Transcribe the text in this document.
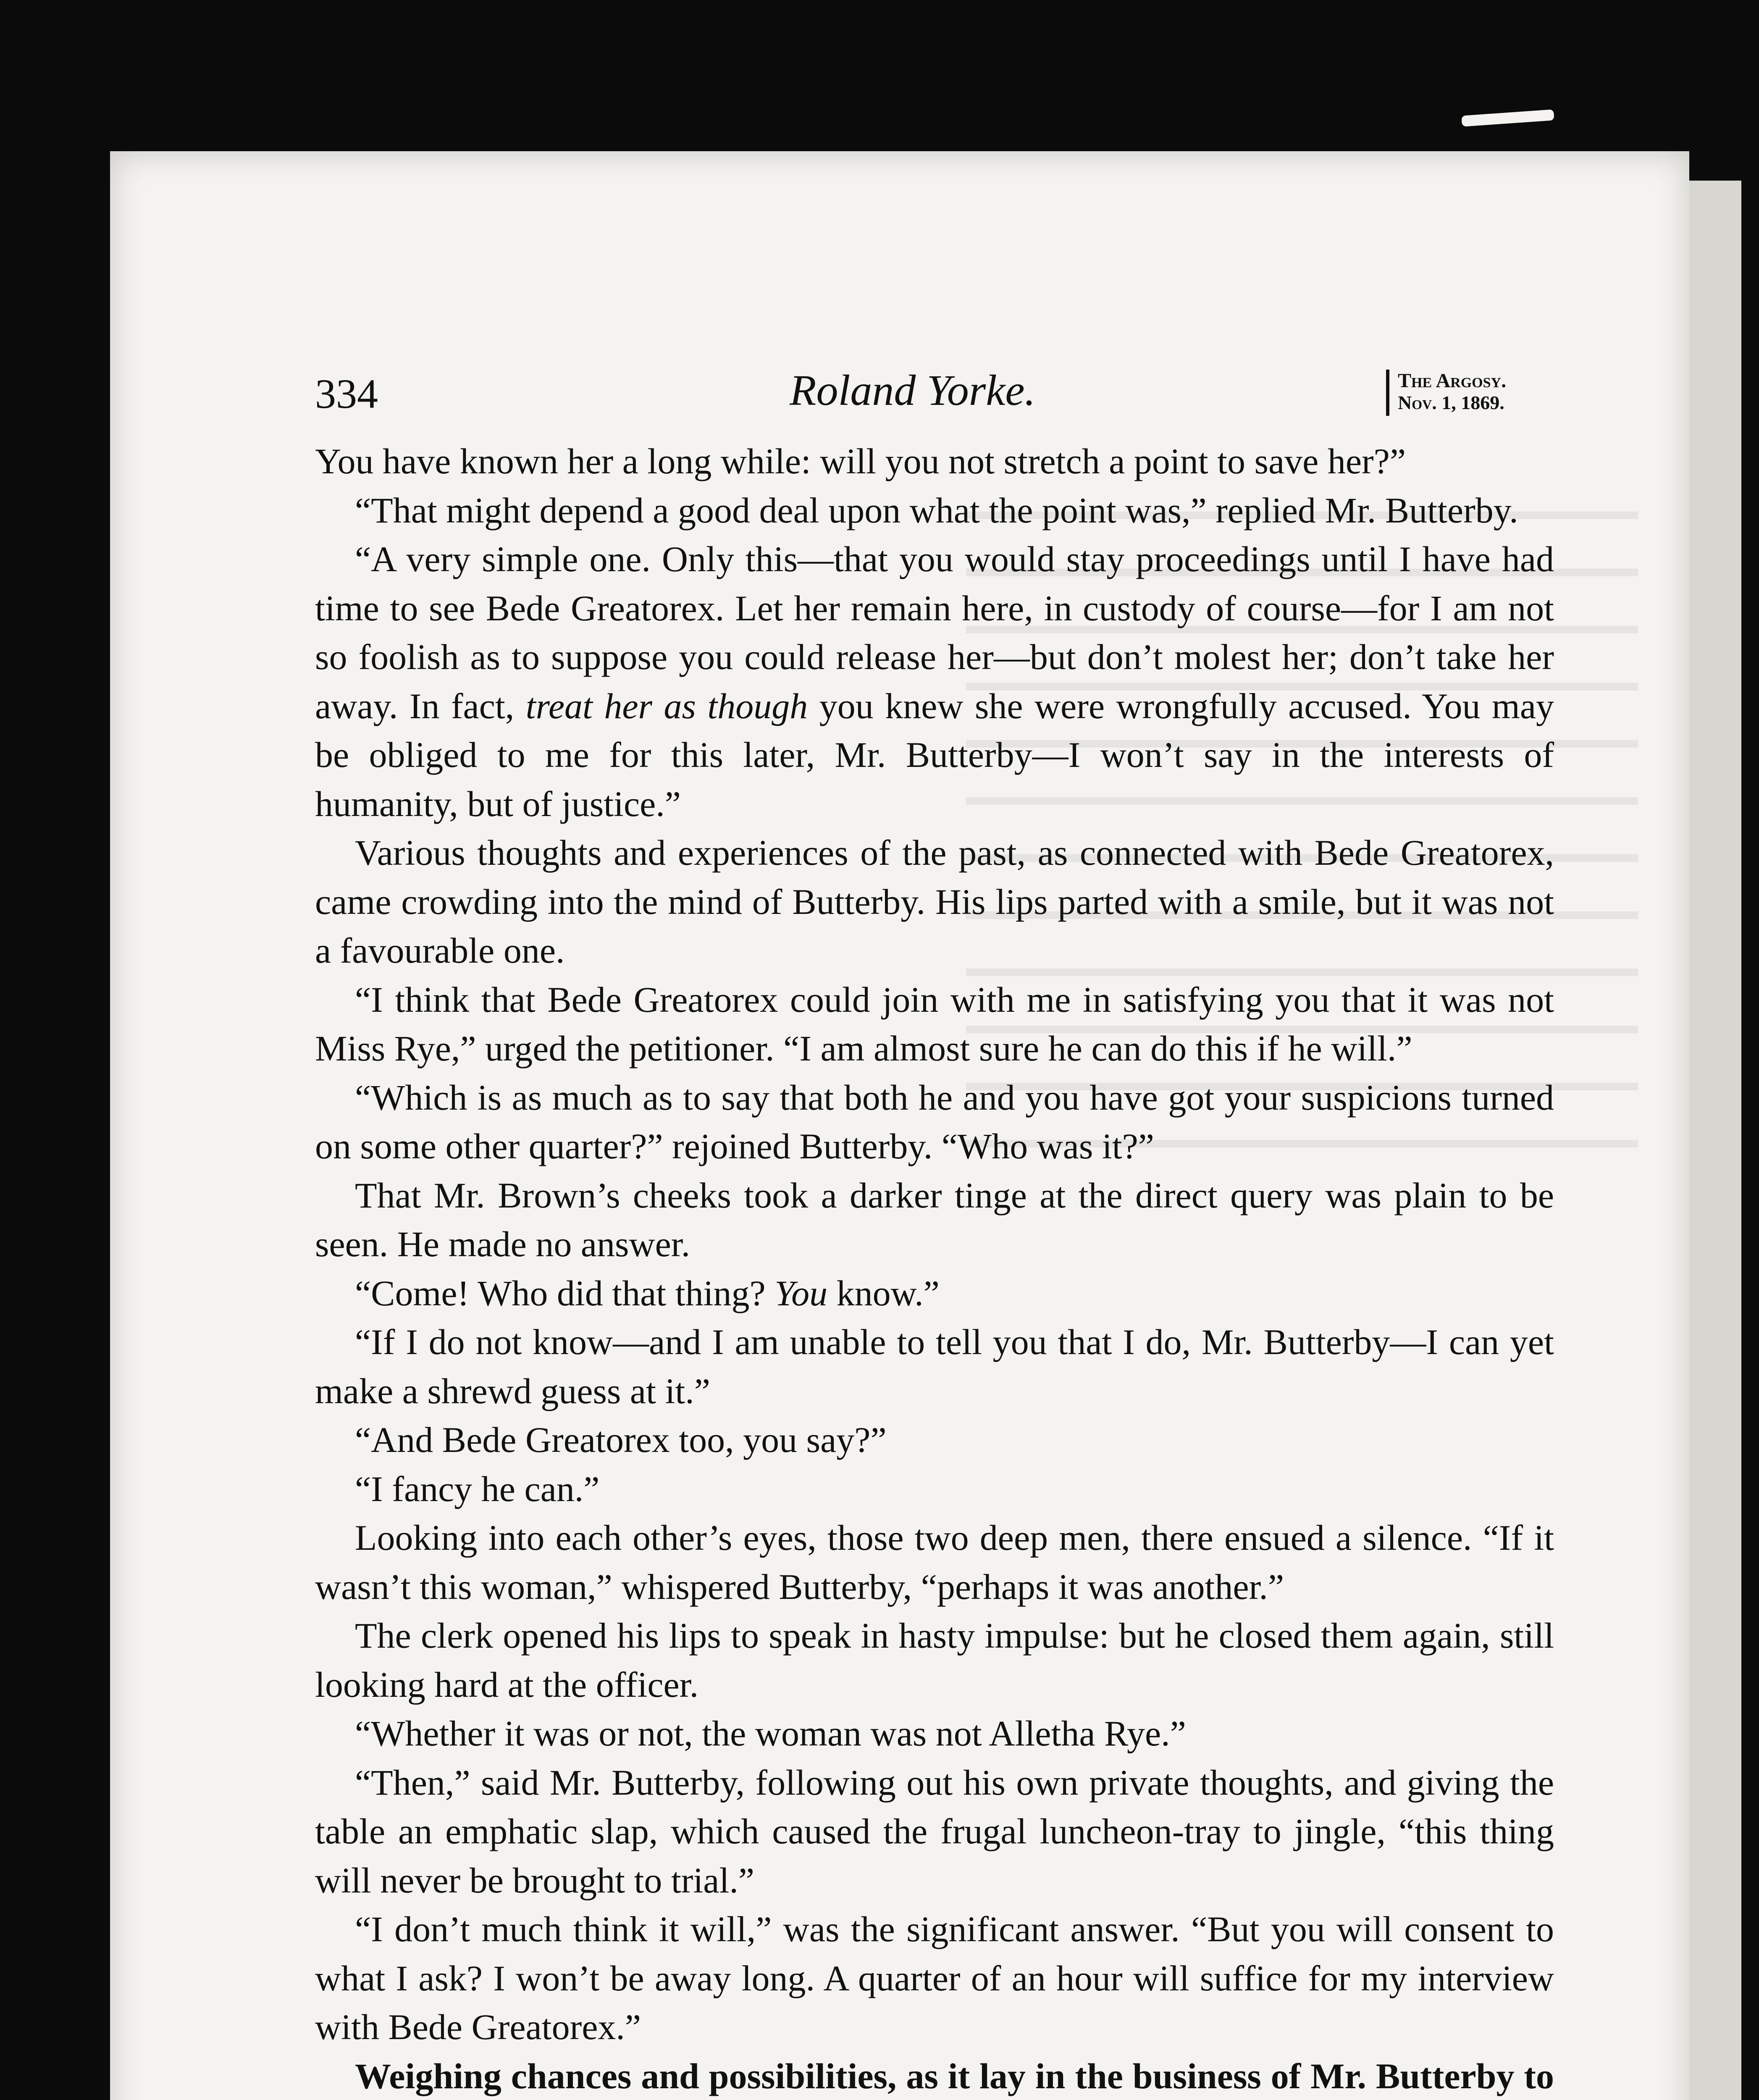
334	Roland Yorke.	The Argosy.
Nov. 1, 1869.

You have known her a long while: will you not stretch a point to save her?”

“That might depend a good deal upon what the point was,” replied Mr. Butterby.

“A very simple one. Only this—that you would stay proceedings until I have had time to see Bede Greatorex. Let her remain here, in custody of course—for I am not so foolish as to suppose you could release her—but don’t molest her; don’t take her away. In fact, treat her as though you knew she were wrongfully accused. You may be obliged to me for this later, Mr. Butterby—I won’t say in the interests of humanity, but of justice.”

Various thoughts and experiences of the past, as connected with Bede Greatorex, came crowding into the mind of Butterby. His lips parted with a smile, but it was not a favourable one.

“I think that Bede Greatorex could join with me in satisfying you that it was not Miss Rye,” urged the petitioner. “I am almost sure he can do this if he will.”

“Which is as much as to say that both he and you have got your suspicions turned on some other quarter?” rejoined Butterby. “Who was it?”

That Mr. Brown’s cheeks took a darker tinge at the direct query was plain to be seen. He made no answer.

“Come! Who did that thing? You know.”

“If I do not know—and I am unable to tell you that I do, Mr. Butterby—I can yet make a shrewd guess at it.”

“And Bede Greatorex too, you say?”

“I fancy he can.”

Looking into each other’s eyes, those two deep men, there ensued a silence. “If it wasn’t this woman,” whispered Butterby, “perhaps it was another.”

The clerk opened his lips to speak in hasty impulse: but he closed them again, still looking hard at the officer.

“Whether it was or not, the woman was not Alletha Rye.”

“Then,” said Mr. Butterby, following out his own private thoughts, and giving the table an emphatic slap, which caused the frugal luncheon-tray to jingle, “this thing will never be brought to trial.”

“I don’t much think it will,” was the significant answer. “But you will consent to what I ask? I won’t be away long. A quarter of an hour will suffice for my interview with Bede Greatorex.”

Weighing chances and possibilities, as it lay in the business of Mr. Butterby to
